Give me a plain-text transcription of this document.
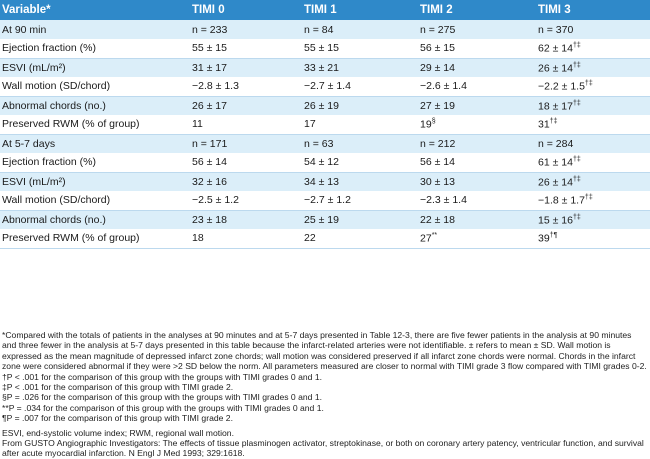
Variable*	TIMI 0	TIMI 1	TIMI 2	TIMI 3
At 90 min	n = 233	n = 84	n = 275	n = 370
Ejection fraction (%)	55 ± 15	55 ± 15	56 ± 15	62 ± 14†‡
ESVI (mL/m²)	31 ± 17	33 ± 21	29 ± 14	26 ± 14†‡
Wall motion (SD/chord)	−2.8 ± 1.3	−2.7 ± 1.4	−2.6 ± 1.4	−2.2 ± 1.5†‡
Abnormal chords (no.)	26 ± 17	26 ± 19	27 ± 19	18 ± 17†‡
Preserved RWM (% of group)	11	17	19§	31†‡
At 5-7 days	n = 171	n = 63	n = 212	n = 284
Ejection fraction (%)	56 ± 14	54 ± 12	56 ± 14	61 ± 14†‡
ESVI (mL/m²)	32 ± 16	34 ± 13	30 ± 13	26 ± 14†‡
Wall motion (SD/chord)	−2.5 ± 1.2	−2.7 ± 1.2	−2.3 ± 1.4	−1.8 ± 1.7†‡
Abnormal chords (no.)	23 ± 18	25 ± 19	22 ± 18	15 ± 16†‡
Preserved RWM (% of group)	18	22	27**	39†¶

*Compared with the totals of patients in the analyses at 90 minutes and at 5-7 days presented in Table 12-3, there are five fewer patients in the analysis at 90 minutes and three fewer in the analysis at 5-7 days presented in this table because the infarct-related arteries were not identifiable. ± refers to mean ± SD. Wall motion is expressed as the mean magnitude of depressed infarct zone chords; wall motion was considered preserved if all infarct zone chords were normal. Chords in the infarct zone were considered abnormal if they were >2 SD below the norm. All parameters measured are closer to normal with TIMI grade 3 flow compared with TIMI grades 0-2.

†P < .001 for the comparison of this group with the groups with TIMI grades 0 and 1.

‡P < .001 for the comparison of this group with TIMI grade 2.

§P = .026 for the comparison of this group with the groups with TIMI grades 0 and 1.

**P = .034 for the comparison of this group with the groups with TIMI grades 0 and 1.

¶P = .007 for the comparison of this group with TIMI grade 2.

ESVI, end-systolic volume index; RWM, regional wall motion.

From GUSTO Angiographic Investigators: The effects of tissue plasminogen activator, streptokinase, or both on coronary artery patency, ventricular function, and survival after acute myocardial infarction. N Engl J Med 1993; 329:1618.
